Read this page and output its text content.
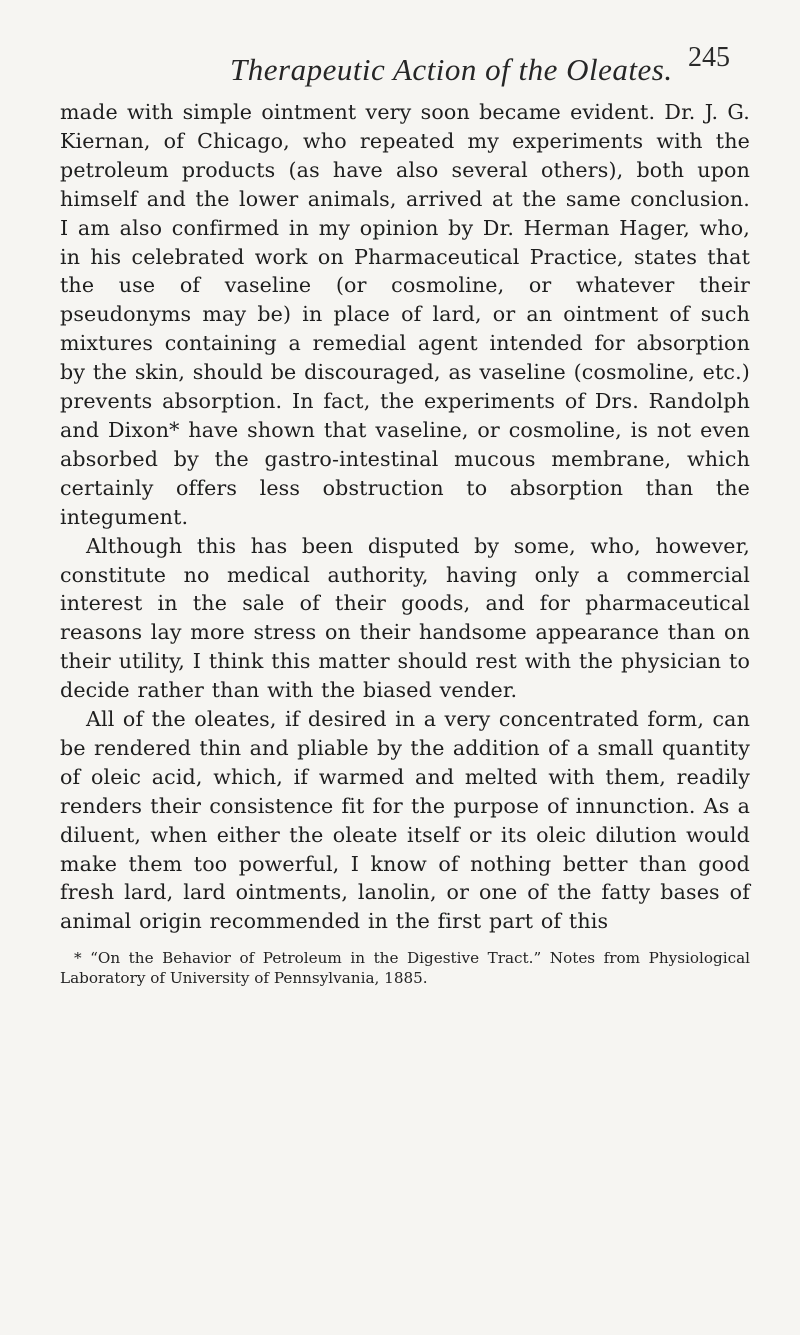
Therapeutic Action of the Oleates. 245

made with simple ointment very soon became evident. Dr. J. G. Kiernan, of Chicago, who repeated my experiments with the petroleum products (as have also several others), both upon himself and the lower animals, arrived at the same conclusion. I am also confirmed in my opinion by Dr. Herman Hager, who, in his celebrated work on Pharmaceutical Practice, states that the use of vaseline (or cosmoline, or whatever their pseudonyms may be) in place of lard, or an ointment of such mixtures containing a remedial agent intended for absorption by the skin, should be discouraged, as vaseline (cosmoline, etc.) prevents absorption. In fact, the experiments of Drs. Randolph and Dixon* have shown that vaseline, or cosmoline, is not even absorbed by the gastro-intestinal mucous membrane, which certainly offers less obstruction to absorption than the integument.

Although this has been disputed by some, who, however, constitute no medical authority, having only a commercial interest in the sale of their goods, and for pharmaceutical reasons lay more stress on their handsome appearance than on their utility, I think this matter should rest with the physician to decide rather than with the biased vender.

All of the oleates, if desired in a very concentrated form, can be rendered thin and pliable by the addition of a small quantity of oleic acid, which, if warmed and melted with them, readily renders their consistence fit for the purpose of innunction. As a diluent, when either the oleate itself or its oleic dilution would make them too powerful, I know of nothing better than good fresh lard, lard ointments, lanolin, or one of the fatty bases of animal origin recommended in the first part of this

* “On the Behavior of Petroleum in the Digestive Tract.” Notes from Physiological Laboratory of University of Pennsylvania, 1885.
